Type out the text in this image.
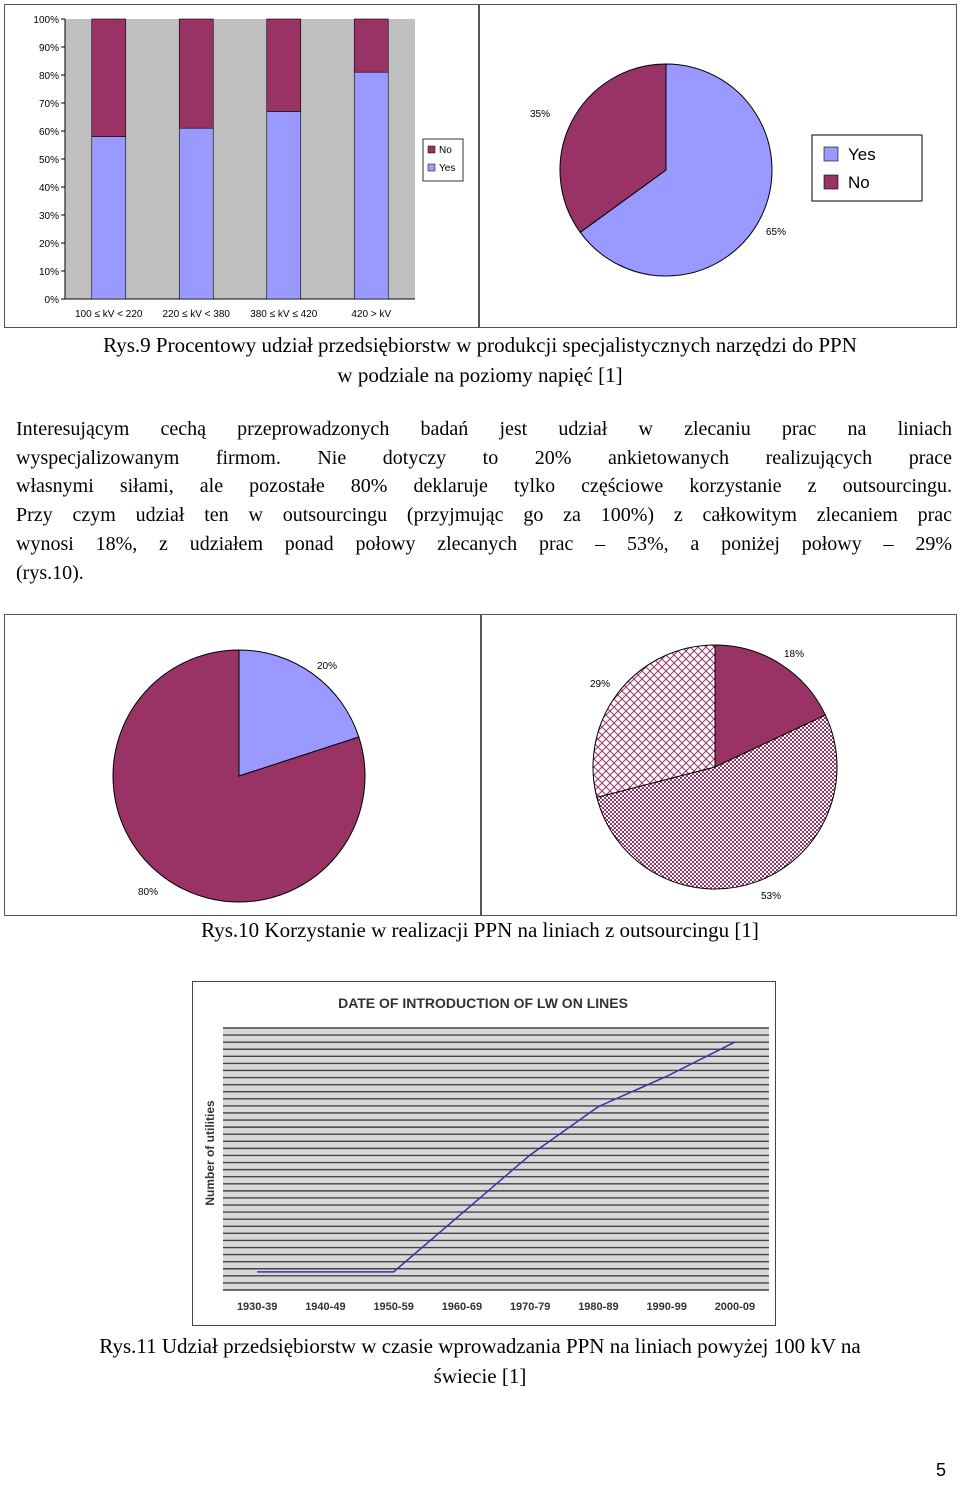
0%
10%
20%
30%
40%
50%
60%
70%
80%
90%
100%
100 ≤ kV < 220 220 ≤ kV < 380 380 ≤ kV ≤ 420	420 > kV
No
Yes
35%
65%
Yes
No
Rys.9 Procentowy udział przedsiębiorstw w produkcji specjalistycznych narzędzi do PPN
w podziale na poziomy napięć [1]
Interesującym cechą przeprowadzonych badań jest udział w zlecaniu prac na liniach
wyspecjalizowanym firmom. Nie dotyczy to 20% ankietowanych realizujących prace
własnymi siłami, ale pozostałe 80% deklaruje tylko częściowe korzystanie z outsourcingu.
Przy czym udział ten w outsourcingu (przyjmując go za 100%) z całkowitym zlecaniem prac
wynosi 18%, z udziałem ponad połowy zlecanych prac – 53%, a poniżej połowy – 29%
(rys.10).
20%
80%
18%
53%
29%
Rys.10 Korzystanie w realizacji PPN na liniach z outsourcingu [1]
DATE OF INTRODUCTION OF LW ON LINES
Number of utilities
1930-39	1940-49	1950-59	1960-69	1970-79	1980-89	1990-99	2000-09
Rys.11 Udział przedsiębiorstw w czasie wprowadzania PPN na liniach powyżej 100 kV na
świecie [1]
5
